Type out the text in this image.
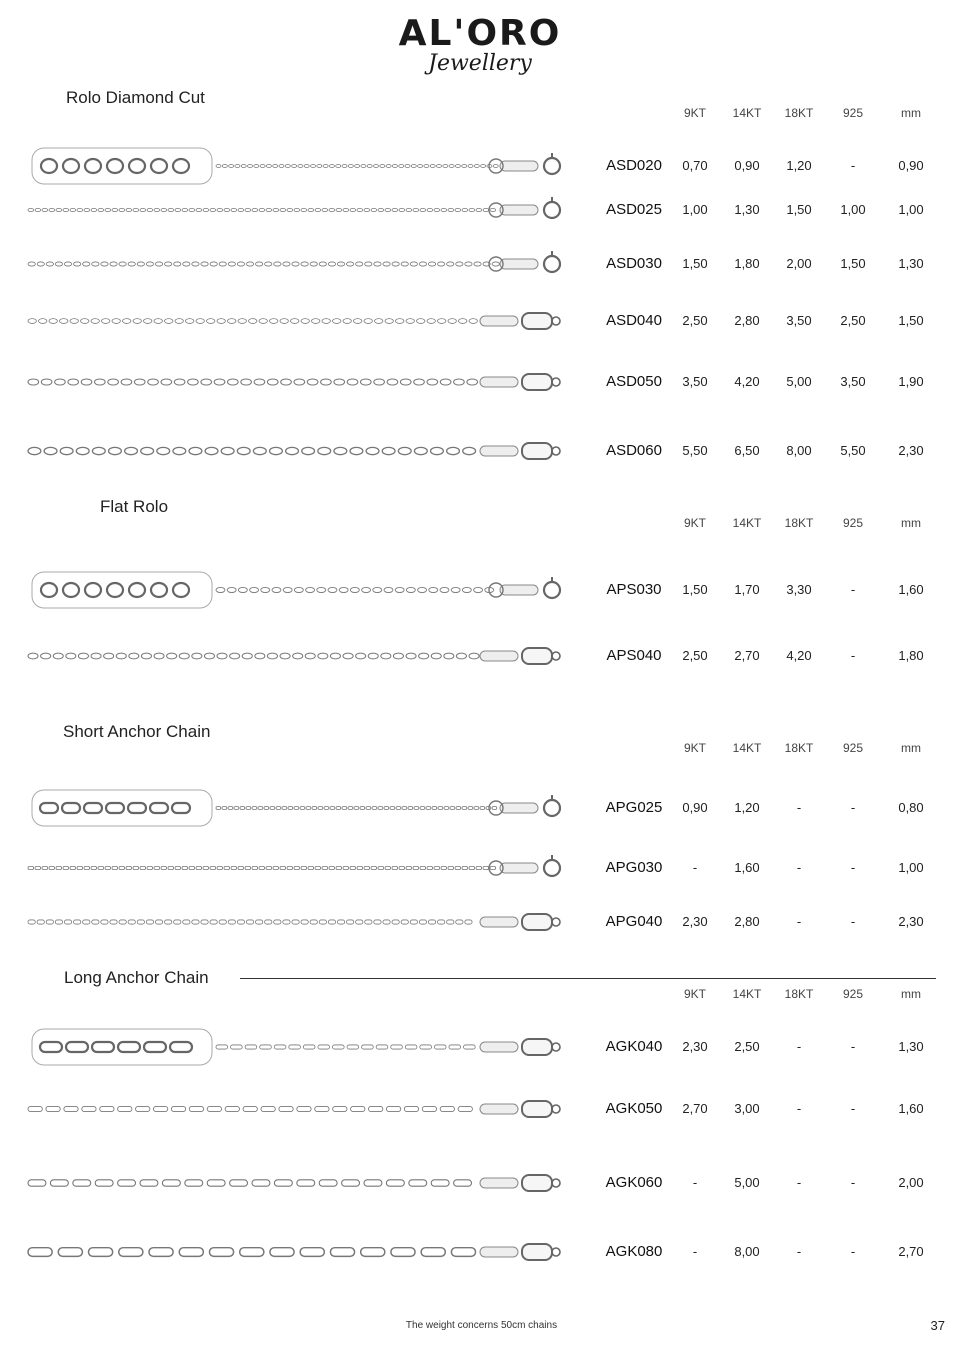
AL'ORO
Jewellery
Rolo Diamond Cut
9KT	14KT	18KT	925	mm
ASD020	0,70	0,90	1,20	-	0,90
ASD025	1,00	1,30	1,50	1,00	1,00
ASD030	1,50	1,80	2,00	1,50	1,30
ASD040	2,50	2,80	3,50	2,50	1,50
ASD050	3,50	4,20	5,00	3,50	1,90
ASD060	5,50	6,50	8,00	5,50	2,30
Flat Rolo
9KT	14KT	18KT	925	mm
APS030	1,50	1,70	3,30	-	1,60
APS040	2,50	2,70	4,20	-	1,80
Short Anchor Chain
9KT	14KT	18KT	925	mm
APG025	0,90	1,20	-	-	0,80
APG030	-	1,60	-	-	1,00
APG040	2,30	2,80	-	-	2,30
Long Anchor Chain
9KT	14KT	18KT	925	mm
AGK040	2,30	2,50	-	-	1,30
AGK050	2,70	3,00	-	-	1,60
AGK060	-	5,00	-	-	2,00
AGK080	-	8,00	-	-	2,70
The weight concerns 50cm chains	37
